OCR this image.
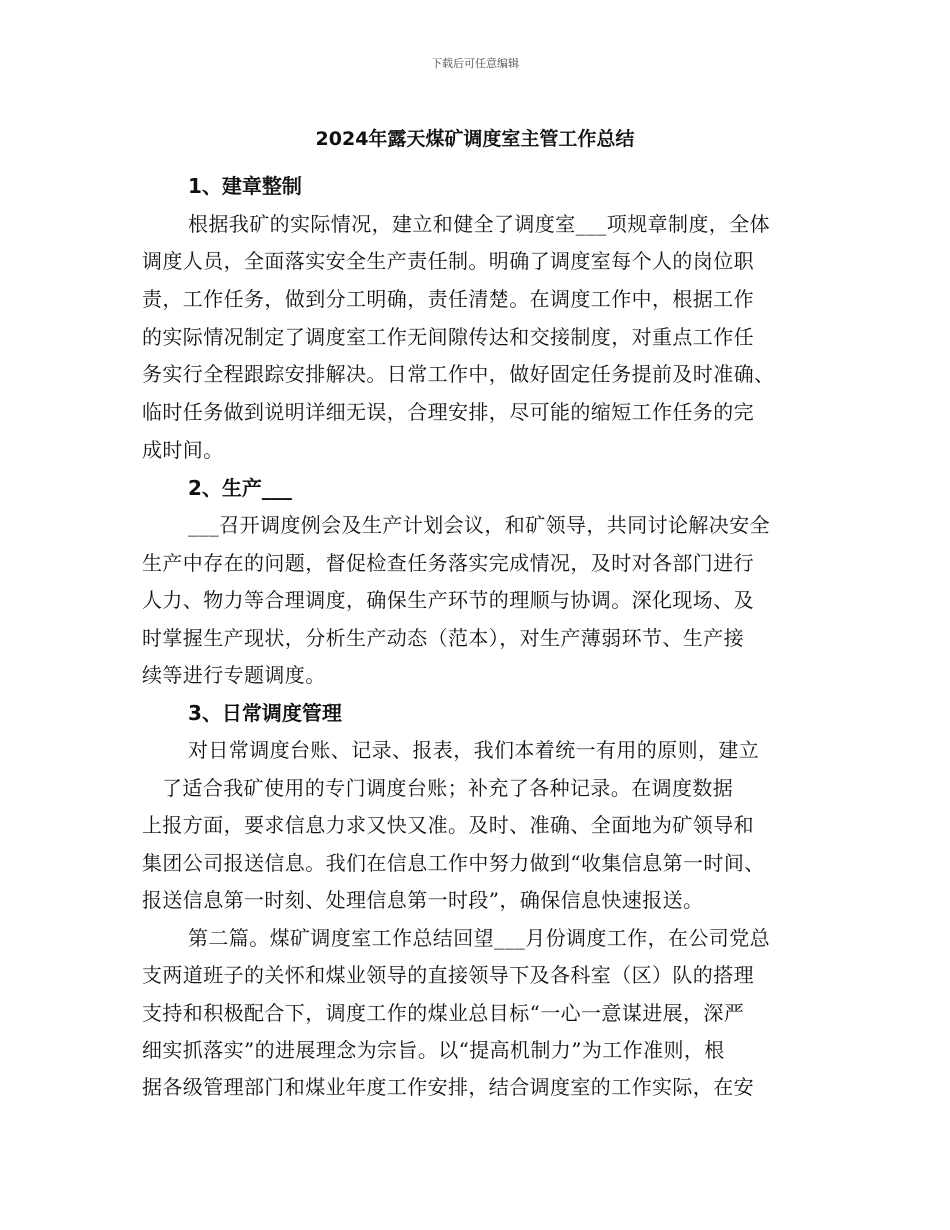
下载后可任意编辑
2024年露天煤矿调度室主管工作总结
1、建章整制
根据我矿的实际情况，建立和健全了调度室___项规章制度，全体
调度人员，全面落实安全生产责任制。明确了调度室每个人的岗位职
责，工作任务，做到分工明确，责任清楚。在调度工作中，根据工作
的实际情况制定了调度室工作无间隙传达和交接制度，对重点工作任
务实行全程跟踪安排解决。日常工作中，做好固定任务提前及时准确、
临时任务做到说明详细无误，合理安排，尽可能的缩短工作任务的完
成时间。
2、生产___
___召开调度例会及生产计划会议，和矿领导，共同讨论解决安全
生产中存在的问题，督促检查任务落实完成情况，及时对各部门进行
人力、物力等合理调度，确保生产环节的理顺与协调。深化现场、及
时掌握生产现状，分析生产动态（范本），对生产薄弱环节、生产接
续等进行专题调度。
3、日常调度管理
对日常调度台账、记录、报表，我们本着统一有用的原则，建立
了适合我矿使用的专门调度台账；补充了各种记录。在调度数据
上报方面，要求信息力求又快又准。及时、准确、全面地为矿领导和
集团公司报送信息。我们在信息工作中努力做到“收集信息第一时间、
报送信息第一时刻、处理信息第一时段”，确保信息快速报送。
第二篇。煤矿调度室工作总结回望___月份调度工作，在公司党总
支两道班子的关怀和煤业领导的直接领导下及各科室（区）队的搭理
支持和积极配合下，调度工作的煤业总目标“一心一意谋进展，深严
细实抓落实”的进展理念为宗旨。以“提高机制力”为工作准则，根
据各级管理部门和煤业年度工作安排，结合调度室的工作实际，在安
